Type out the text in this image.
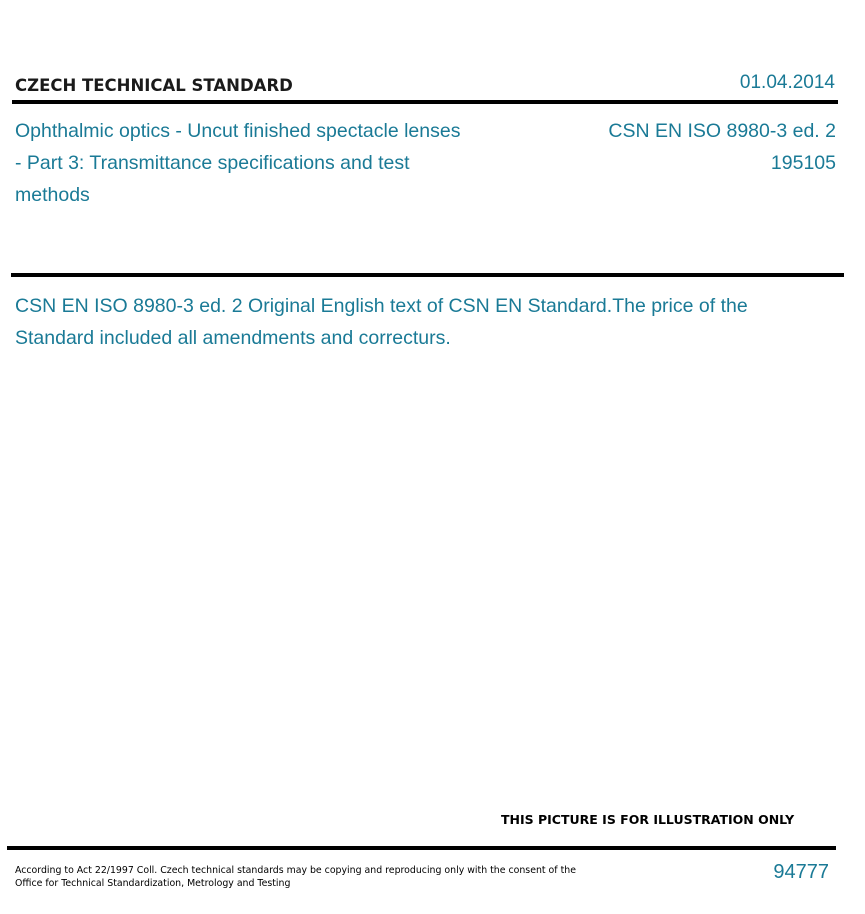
CZECH TECHNICAL STANDARD	01.04.2014
Ophthalmic optics - Uncut finished spectacle lenses - Part 3: Transmittance specifications and test methods
CSN EN ISO 8980-3 ed. 2
195105
CSN EN ISO 8980-3 ed. 2 Original English text of CSN EN Standard.The price of the Standard included all amendments and correcturs.
THIS PICTURE IS FOR ILLUSTRATION ONLY
According to Act 22/1997 Coll. Czech technical standards may be copying and reproducing only with the consent of the Office for Technical Standardization, Metrology and Testing
94777
